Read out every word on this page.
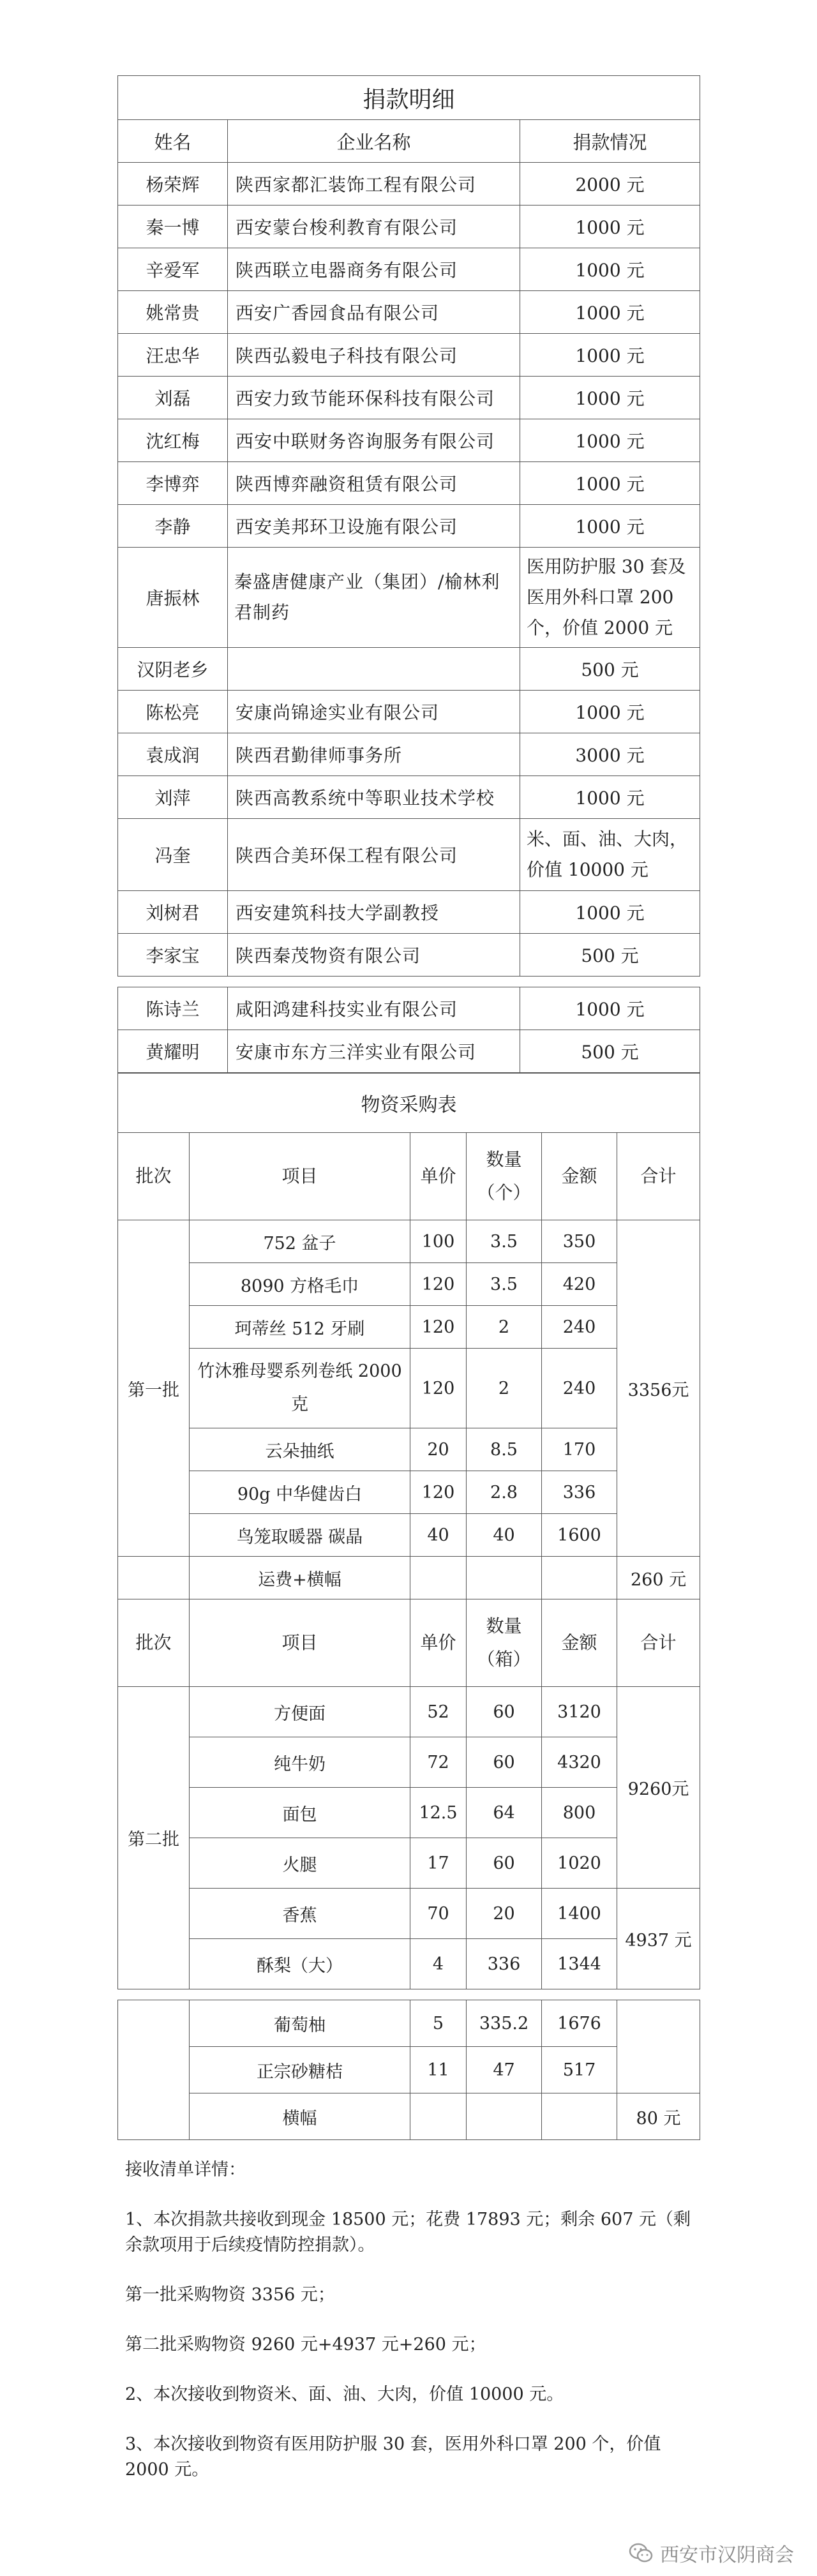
捐款明细		
姓名	企业名称	捐款情况
杨荣辉	陕西家都汇装饰工程有限公司	2000 元
秦一博	西安蒙台梭利教育有限公司	1000 元
辛爱军	陕西联立电器商务有限公司	1000 元
姚常贵	西安广香园食品有限公司	1000 元
汪忠华	陕西弘毅电子科技有限公司	1000 元
刘磊	西安力致节能环保科技有限公司	1000 元
沈红梅	西安中联财务咨询服务有限公司	1000 元
李博弈	陕西博弈融资租赁有限公司	1000 元
李静	西安美邦环卫设施有限公司	1000 元
唐振林	秦盛唐健康产业（集团）/榆林利君制药	医用防护服 30 套及医用外科口罩 200 个，价值 2000 元
汉阴老乡		500 元
陈松亮	安康尚锦途实业有限公司	1000 元
袁成润	陕西君勤律师事务所	3000 元
刘萍	陕西高教系统中等职业技术学校	1000 元
冯奎	陕西合美环保工程有限公司	米、面、油、大肉，价值 10000 元
刘树君	西安建筑科技大学副教授	1000 元
李家宝	陕西秦茂物资有限公司	500 元
陈诗兰	咸阳鸿建科技实业有限公司	1000 元
黄耀明	安康市东方三洋实业有限公司	500 元
物资采购表					
批次	项目	单价	数量（个）	金额	合计
第一批	752 盆子	100	3.5	350	3356元
	8090 方格毛巾	120	3.5	420	
	珂蒂丝 512 牙刷	120	2	240	
	竹沐雅母婴系列卷纸 2000 克	120	2	240	
	云朵抽纸	20	8.5	170	
	90g 中华健齿白	120	2.8	336	
	鸟笼取暖器 碳晶	40	40	1600	
	运费+横幅				260 元
批次	项目	单价	数量（箱）	金额	合计
第二批	方便面	52	60	3120	9260元
	纯牛奶	72	60	4320	
	面包	12.5	64	800	
	火腿	17	60	1020	
	香蕉	70	20	1400	4937 元
	酥梨（大）	4	336	1344	
	葡萄柚	5	335.2	1676	
	正宗砂糖桔	11	47	517	
	横幅				80 元

接收清单详情：

1、本次捐款共接收到现金 18500 元；花费 17893 元；剩余 607 元（剩余款项用于后续疫情防控捐款）。

第一批采购物资 3356 元；

第二批采购物资 9260 元+4937 元+260 元；

2、本次接收到物资米、面、油、大肉，价值 10000 元。

3、本次接收到物资有医用防护服 30 套，医用外科口罩 200 个，价值 2000 元。

西安市汉阴商会
